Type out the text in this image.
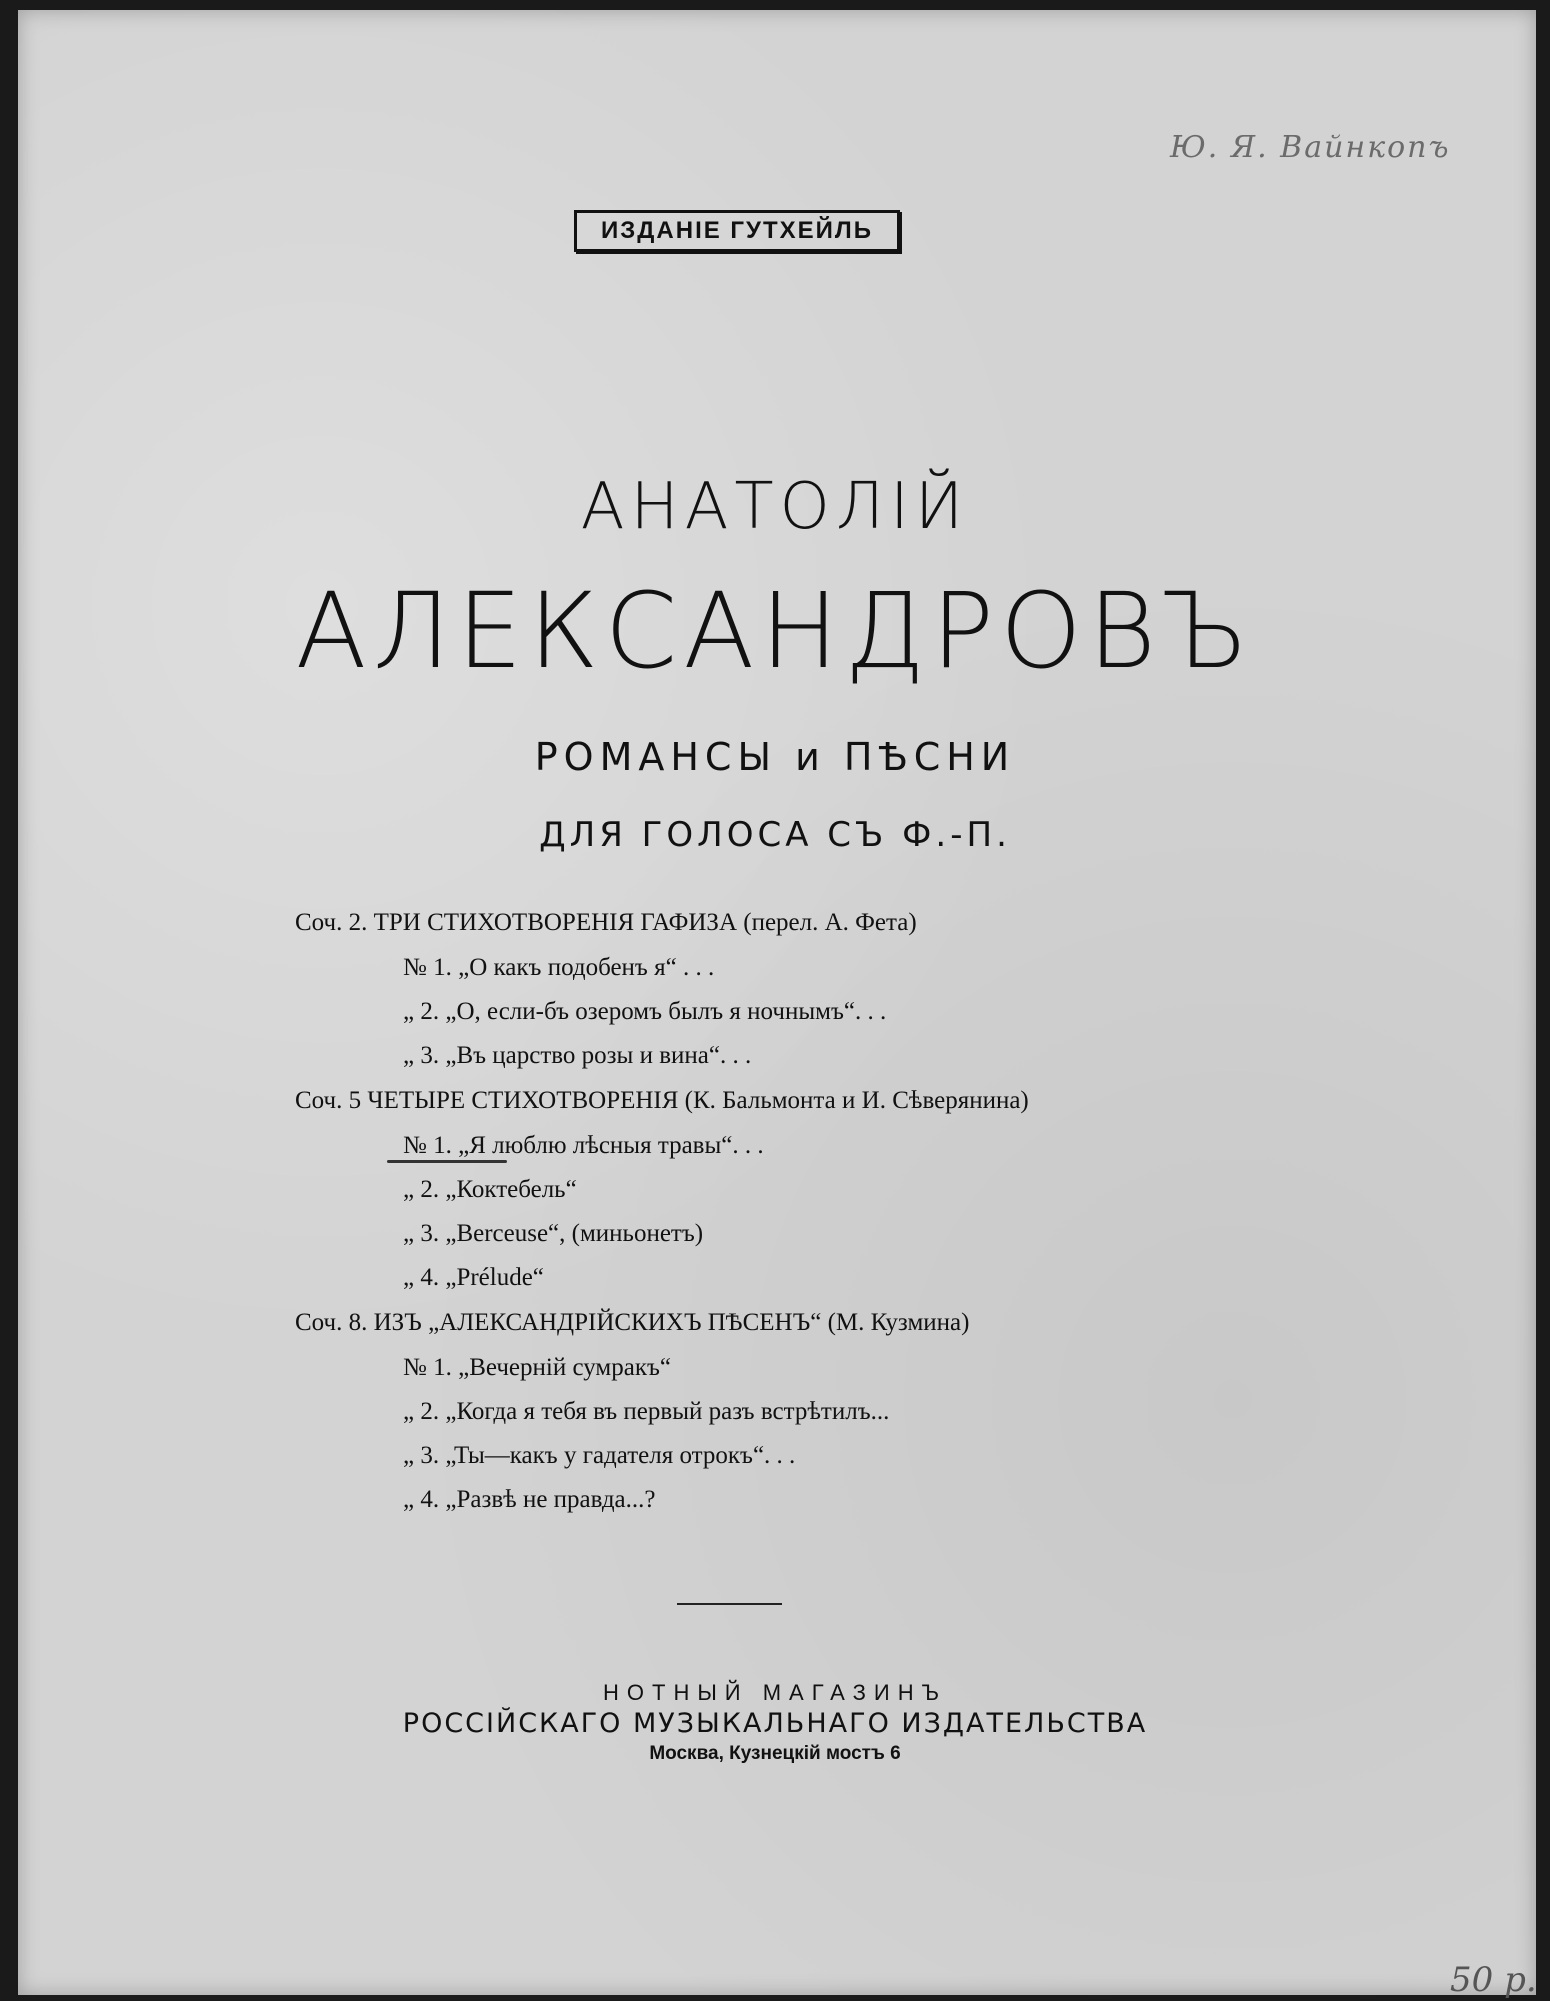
Ю. Я. Вайнкопъ
ИЗДАНІЕ ГУТХЕЙЛЬ
АНАТОЛІЙ
АЛЕКСАНДРОВЪ
РОМАНСЫ и ПѢСНИ
ДЛЯ ГОЛОСА СЪ Ф.-П.
Соч. 2. ТРИ СТИХОТВОРЕНІЯ ГАФИЗА (перел. А. Фета)
№ 1. „О какъ подобенъ я“ . . .
„ 2. „О, если-бъ озеромъ былъ я ночнымъ“. . .
„ 3. „Въ царство розы и вина“. . .
Соч. 5 ЧЕТЫРЕ СТИХОТВОРЕНІЯ (К. Бальмонта и И. Сѣверянина)
№ 1. „Я люблю лѣсныя травы“. . .
„ 2. „Коктебель“
„ 3. „Berceuse“, (миньонетъ)
„ 4. „Prélude“
Соч. 8. ИЗЪ „АЛЕКСАНДРІЙСКИХЪ ПѢСЕНЪ“ (М. Кузмина)
№ 1. „Вечерній сумракъ“
„ 2. „Когда я тебя въ первый разъ встрѣтилъ...
„ 3. „Ты—какъ у гадателя отрокъ“. . .
„ 4. „Развѣ не правда...?
НОТНЫЙ МАГАЗИНЪ
РОССІЙСКАГО МУЗЫКАЛЬНАГО ИЗДАТЕЛЬСТВА
Москва, Кузнецкій мостъ 6
50 р.
